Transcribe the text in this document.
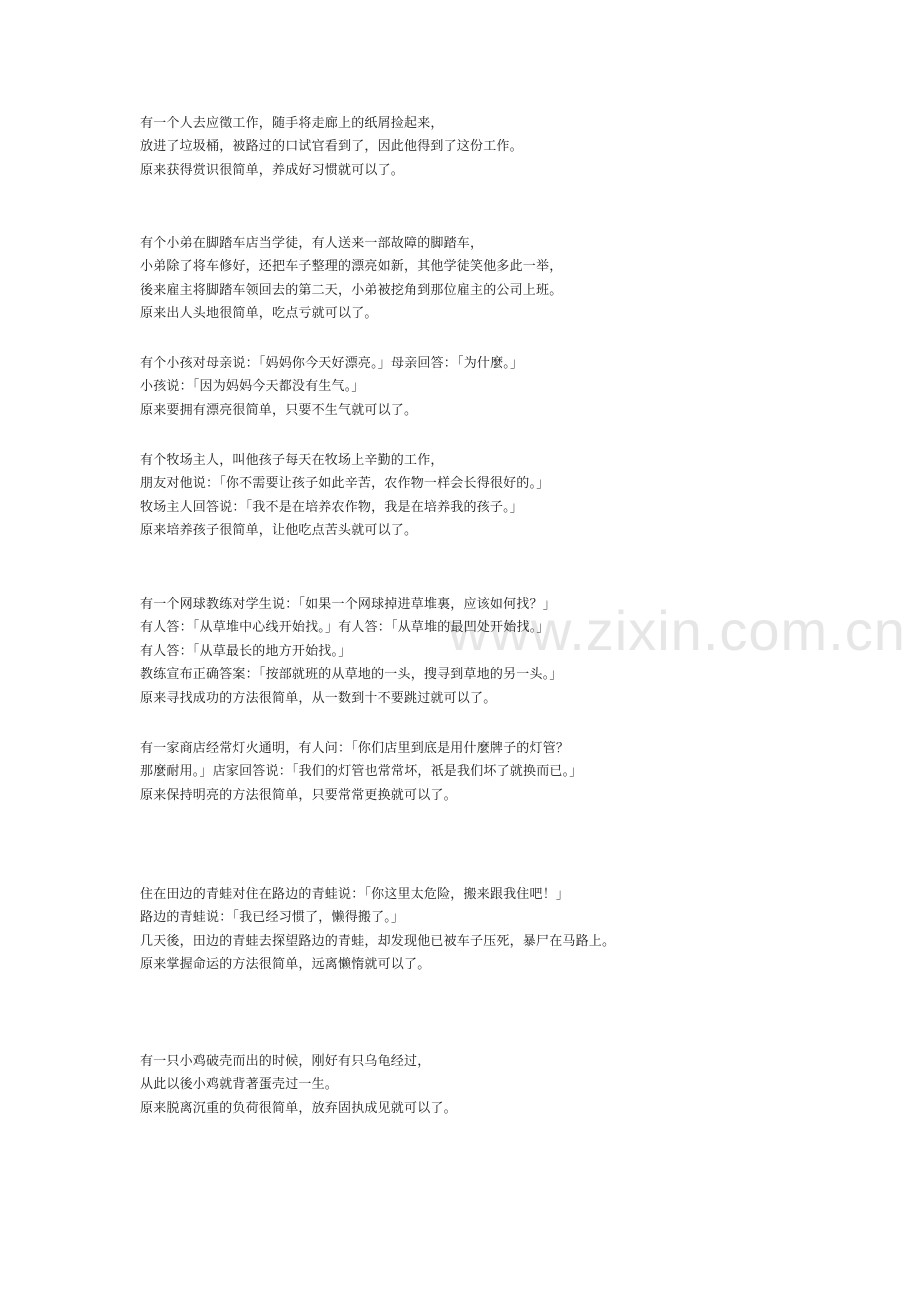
www.zixin.com.cn
有一个人去应徵工作，随手将走廊上的纸屑捡起来，
放进了垃圾桶，被路过的口试官看到了，因此他得到了这份工作。
原来获得赏识很简单，养成好习惯就可以了。
有个小弟在脚踏车店当学徒，有人送来一部故障的脚踏车，
小弟除了将车修好，还把车子整理的漂亮如新，其他学徒笑他多此一举，
後来雇主将脚踏车领回去的第二天，小弟被挖角到那位雇主的公司上班。
原来出人头地很简单，吃点亏就可以了。
有个小孩对母亲说：「妈妈你今天好漂亮。」母亲回答：「为什麼。」
小孩说：「因为妈妈今天都没有生气。」
原来要拥有漂亮很简单，只要不生气就可以了。
有个牧场主人，叫他孩子每天在牧场上辛勤的工作，
朋友对他说：「你不需要让孩子如此辛苦，农作物一样会长得很好的。」
牧场主人回答说：「我不是在培养农作物，我是在培养我的孩子。」
原来培养孩子很简单，让他吃点苦头就可以了。
有一个网球教练对学生说：「如果一个网球掉进草堆裏，应该如何找？」
有人答：「从草堆中心线开始找。」有人答：「从草堆的最凹处开始找。」
有人答：「从草最长的地方开始找。」
教练宣布正确答案：「按部就班的从草地的一头，搜寻到草地的另一头。」
原来寻找成功的方法很简单，从一数到十不要跳过就可以了。
有一家商店经常灯火通明，有人问：「你们店里到底是用什麼牌子的灯管？
那麼耐用。」店家回答说：「我们的灯管也常常坏，祇是我们坏了就换而已。」
原来保持明亮的方法很简单，只要常常更换就可以了。
住在田边的青蛙对住在路边的青蛙说：「你这里太危险，搬来跟我住吧！」
路边的青蛙说：「我已经习惯了，懒得搬了。」
几天後，田边的青蛙去探望路边的青蛙，却发现他已被车子压死，暴尸在马路上。
原来掌握命运的方法很简单，远离懒惰就可以了。
有一只小鸡破壳而出的时候，刚好有只乌龟经过，
从此以後小鸡就背著蛋壳过一生。
原来脱离沉重的负荷很简单，放弃固执成见就可以了。
